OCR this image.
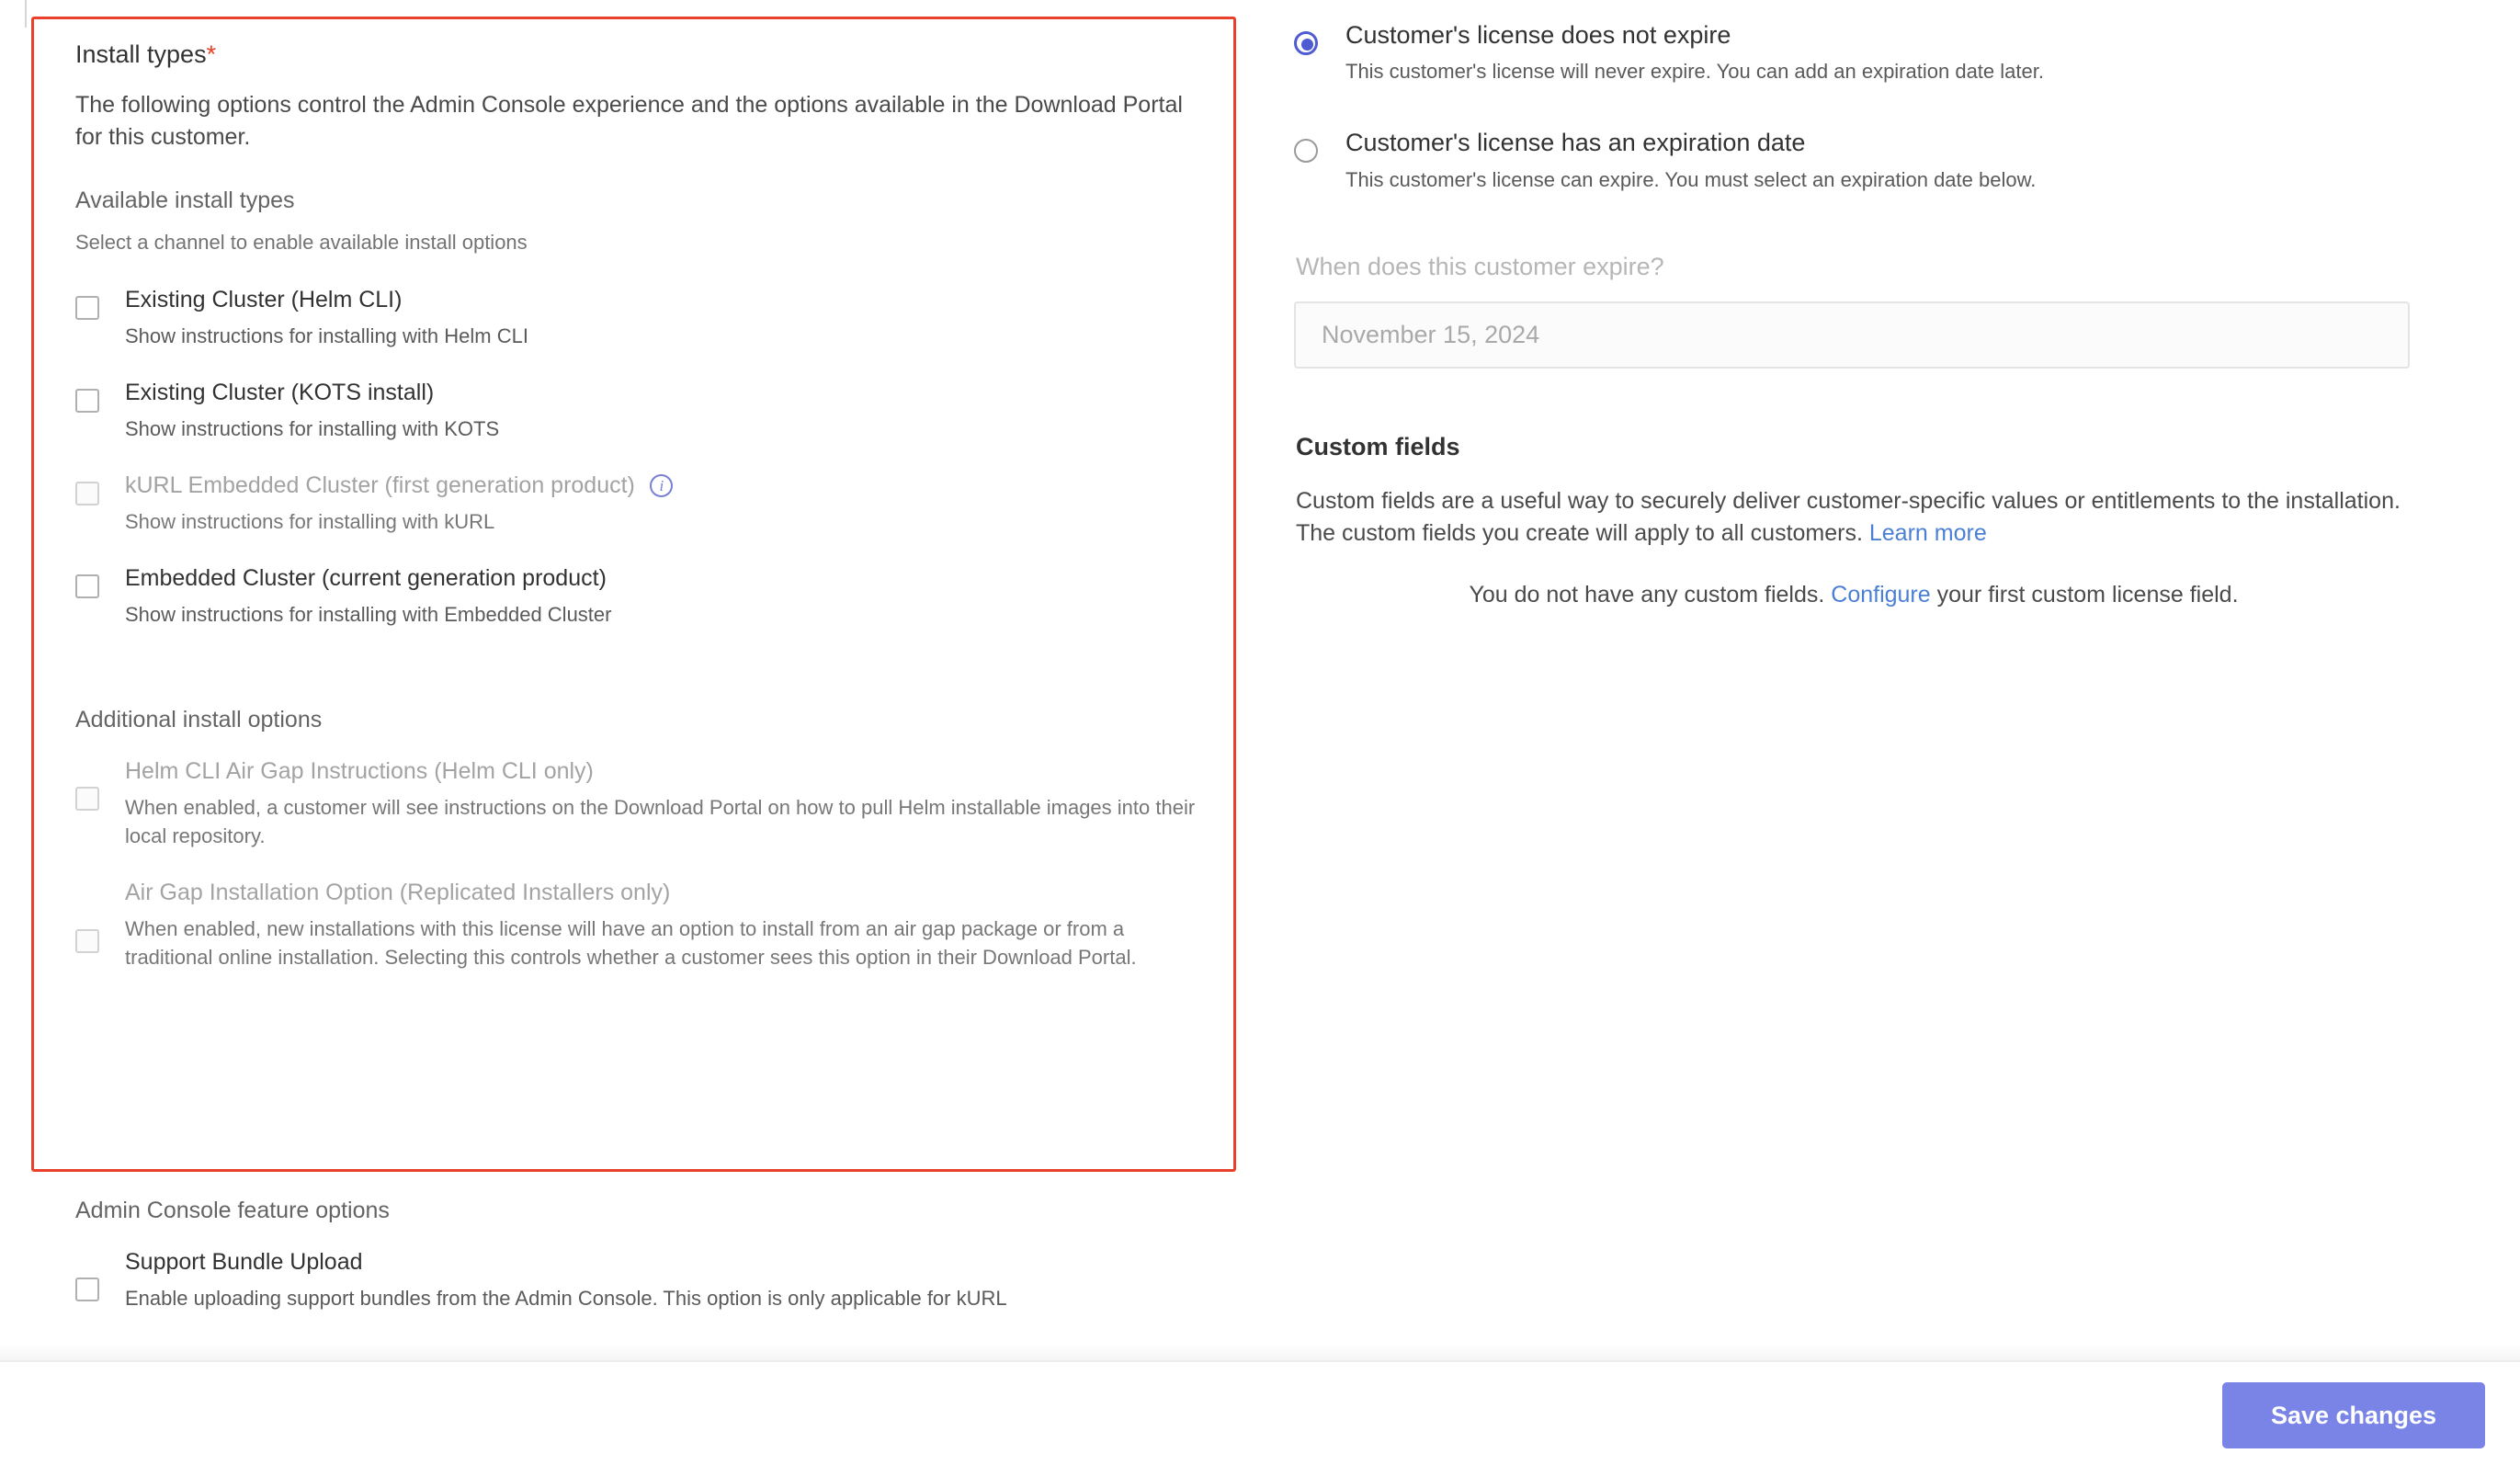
Install types*

The following options control the Admin Console experience and the options available in the Download Portal for this customer.

Available install types
Select a channel to enable available install options
Existing Cluster (Helm CLI)
Show instructions for installing with Helm CLI
Existing Cluster (KOTS install)
Show instructions for installing with KOTS
kURL Embedded Cluster (first generation product) i
Show instructions for installing with kURL
Embedded Cluster (current generation product)
Show instructions for installing with Embedded Cluster
Additional install options
Helm CLI Air Gap Instructions (Helm CLI only)
When enabled, a customer will see instructions on the Download Portal on how to pull Helm installable images into their local repository.
Air Gap Installation Option (Replicated Installers only)
When enabled, new installations with this license will have an option to install from an air gap package or from a traditional online installation. Selecting this controls whether a customer sees this option in their Download Portal.
Admin Console feature options
Support Bundle Upload
Enable uploading support bundles from the Admin Console. This option is only applicable for kURL
Customer's license does not expire
This customer's license will never expire. You can add an expiration date later.
Customer's license has an expiration date
This customer's license can expire. You must select an expiration date below.
When does this customer expire?
November 15, 2024
Custom fields
Custom fields are a useful way to securely deliver customer-specific values or entitlements to the installation. The custom fields you create will apply to all customers. Learn more
You do not have any custom fields. Configure your first custom license field.
Save changes
